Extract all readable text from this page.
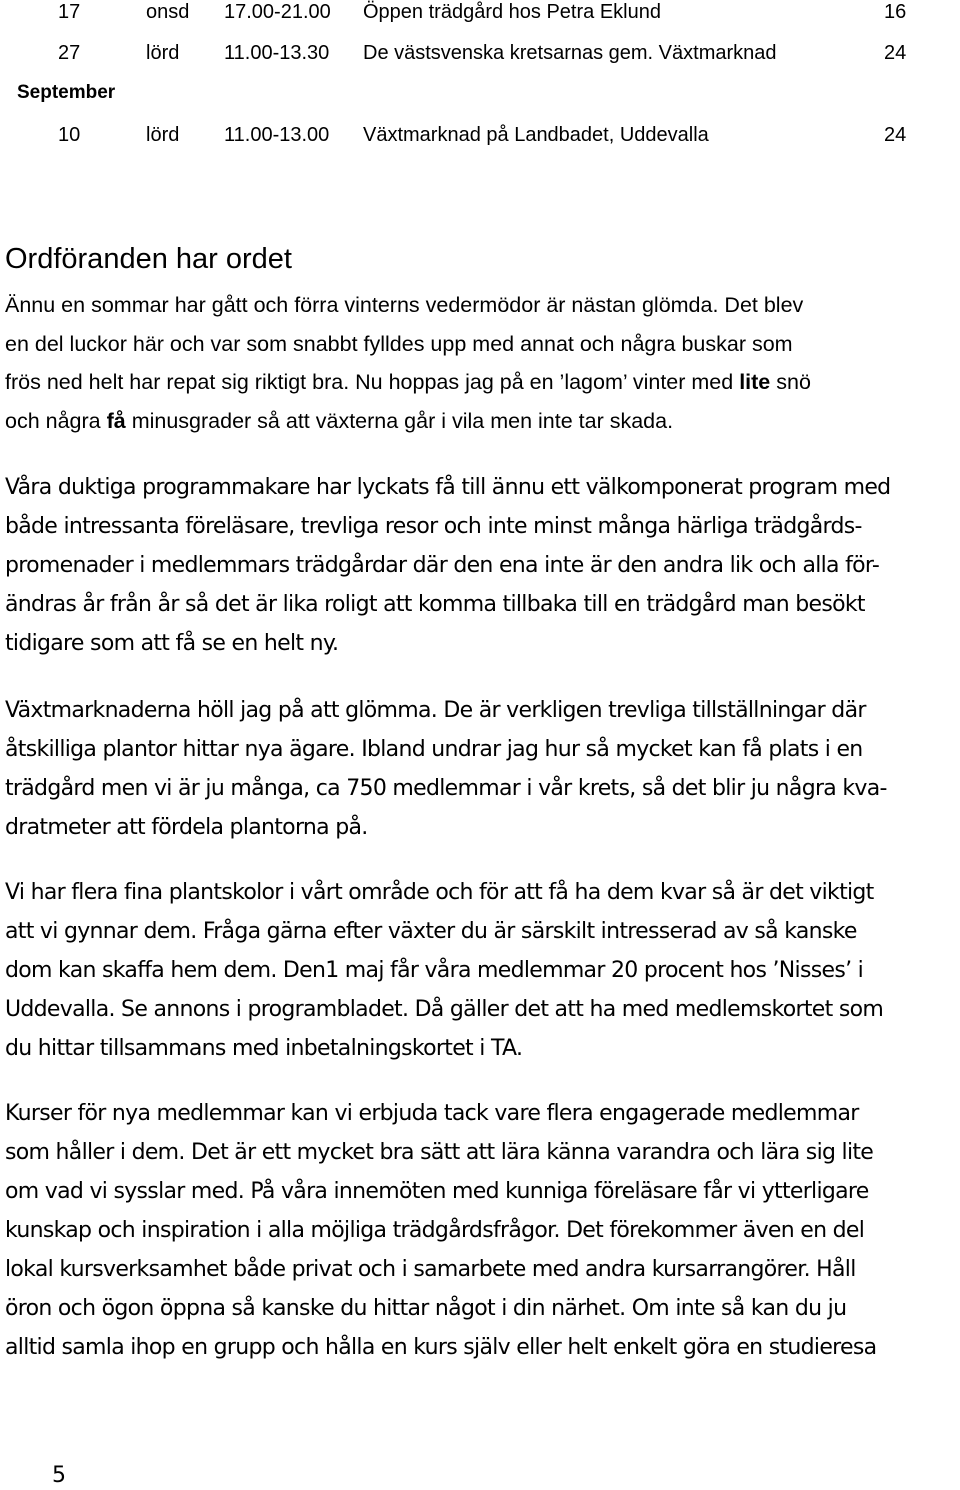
17	onsd 17.00-21.00 Öppen trädgård hos Petra Eklund	16
27	lörd 11.00-13.30 De västsvenska kretsarnas gem. Växtmarknad	24
September
10	lörd 11.00-13.00 Växtmarknad på Landbadet, Uddevalla	24
Ordföranden har ordet
Ännu en sommar har gått och förra vinterns vedermödor är nästan glömda. Det blev
en del luckor här och var som snabbt fylldes upp med annat och några buskar som
frös ned helt har repat sig riktigt bra. Nu hoppas jag på en ’lagom’ vinter med lite snö
och några få minusgrader så att växterna går i vila men inte tar skada.
Våra duktiga programmakare har lyckats få till ännu ett välkomponerat program med
både intressanta föreläsare, trevliga resor och inte minst många härliga trädgårds-
promenader i medlemmars trädgårdar där den ena inte är den andra lik och alla för-
ändras år från år så det är lika roligt att komma tillbaka till en trädgård man besökt
tidigare som att få se en helt ny.
Växtmarknaderna höll jag på att glömma. De är verkligen trevliga tillställningar där
åtskilliga plantor hittar nya ägare. Ibland undrar jag hur så mycket kan få plats i en
trädgård men vi är ju många, ca 750 medlemmar i vår krets, så det blir ju några kva-
dratmeter att fördela plantorna på.
Vi har flera fina plantskolor i vårt område och för att få ha dem kvar så är det viktigt
att vi gynnar dem. Fråga gärna efter växter du är särskilt intresserad av så kanske
dom kan skaffa hem dem. Den1 maj får våra medlemmar 20 procent hos ’Nisses’ i
Uddevalla. Se annons i programbladet. Då gäller det att ha med medlemskortet som
du hittar tillsammans med inbetalningskortet i TA.
Kurser för nya medlemmar kan vi erbjuda tack vare flera engagerade medlemmar
som håller i dem. Det är ett mycket bra sätt att lära känna varandra och lära sig lite
om vad vi sysslar med. På våra innemöten med kunniga föreläsare får vi ytterligare
kunskap och inspiration i alla möjliga trädgårdsfrågor. Det förekommer även en del
lokal kursverksamhet både privat och i samarbete med andra kursarrangörer. Håll
öron och ögon öppna så kanske du hittar något i din närhet. Om inte så kan du ju
alltid samla ihop en grupp och hålla en kurs själv eller helt enkelt göra en studieresa
5
